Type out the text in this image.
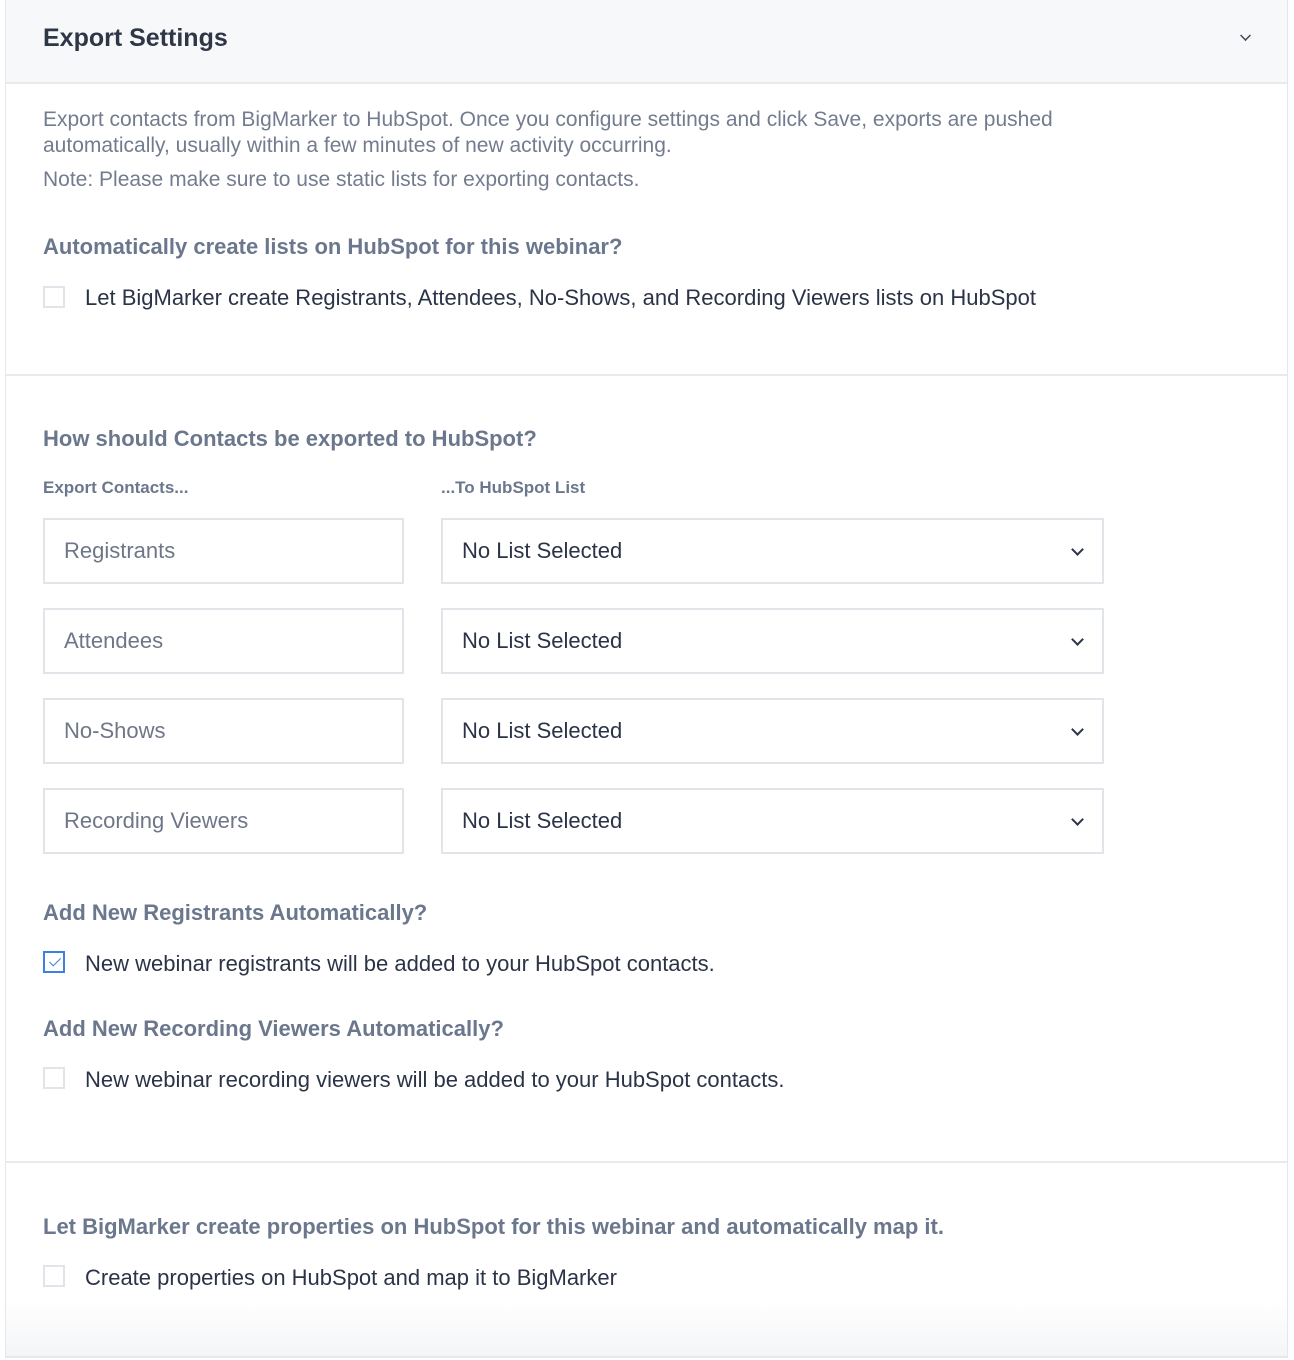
Export Settings
Export contacts from BigMarker to HubSpot. Once you configure settings and click Save, exports are pushed
automatically, usually within a few minutes of new activity occurring.
Note: Please make sure to use static lists for exporting contacts.
Automatically create lists on HubSpot for this webinar?
Let BigMarker create Registrants, Attendees, No-Shows, and Recording Viewers lists on HubSpot
How should Contacts be exported to HubSpot?
Export Contacts...	...To HubSpot List
Registrants	No List Selected
Attendees	No List Selected
No-Shows	No List Selected
Recording Viewers	No List Selected
Add New Registrants Automatically?
New webinar registrants will be added to your HubSpot contacts.
Add New Recording Viewers Automatically?
New webinar recording viewers will be added to your HubSpot contacts.
Let BigMarker create properties on HubSpot for this webinar and automatically map it.
Create properties on HubSpot and map it to BigMarker
